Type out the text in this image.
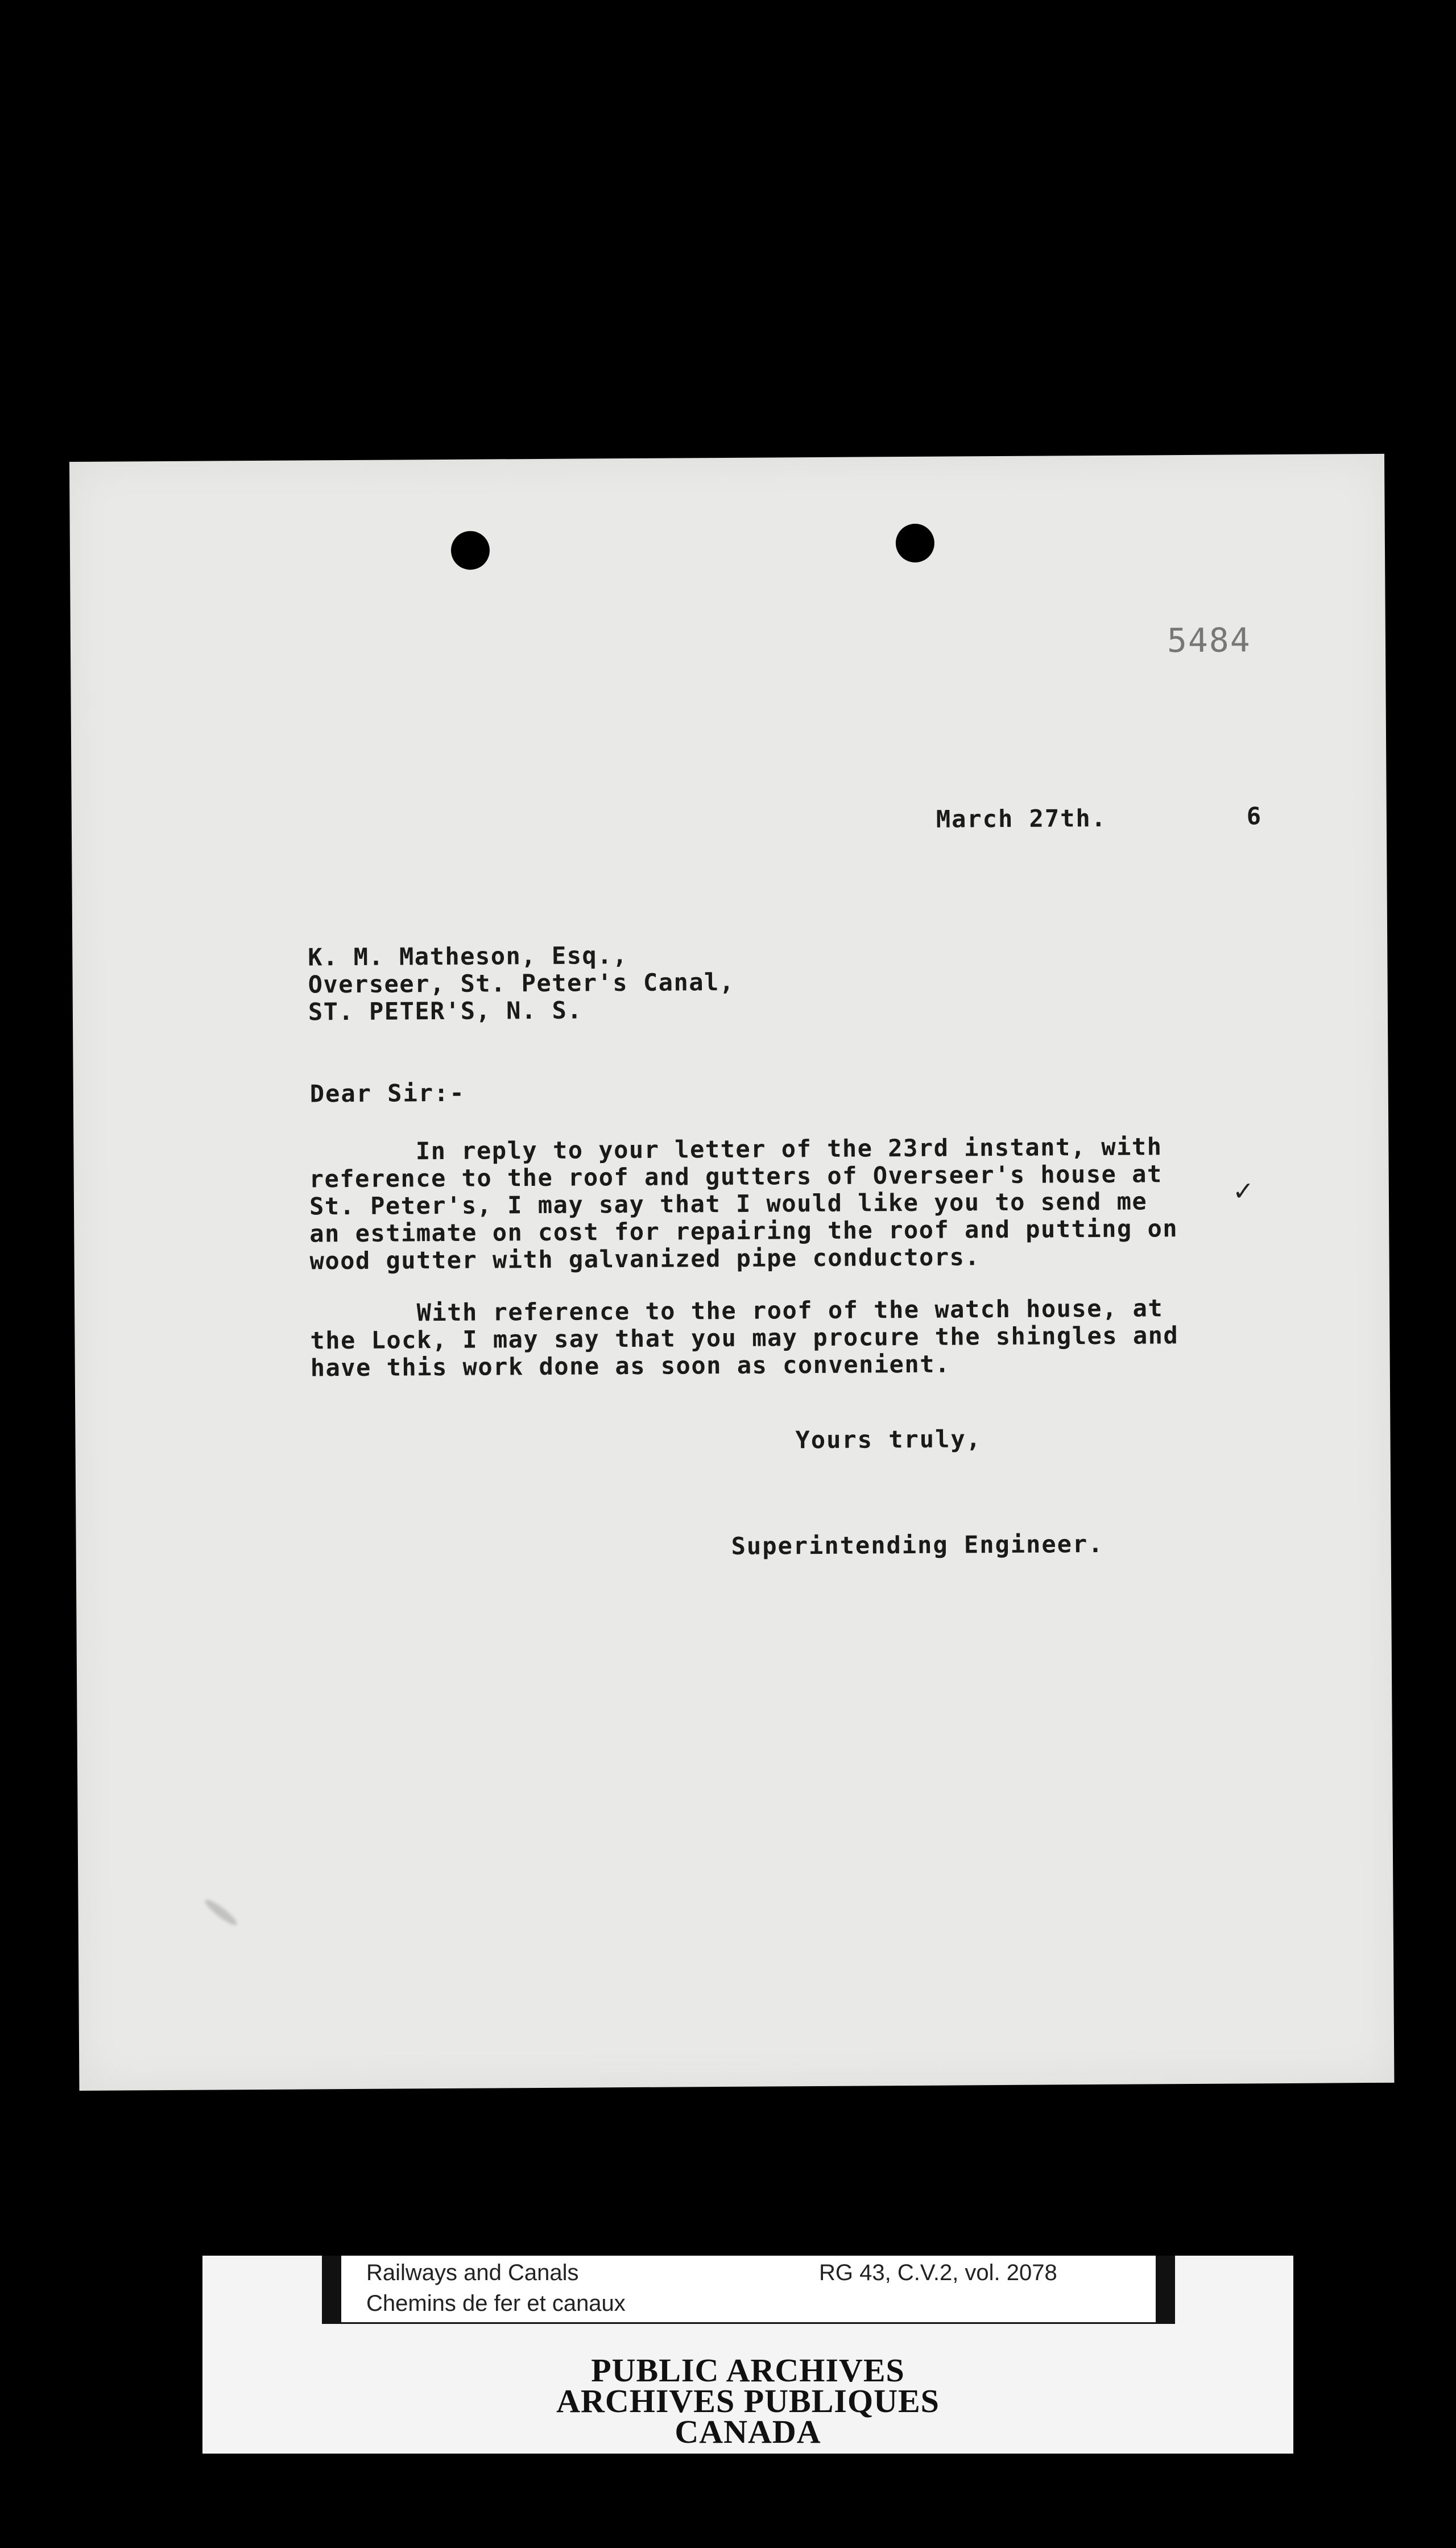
5484
March 27th.	6
K. M. Matheson, Esq.,
Overseer, St. Peter's Canal,
ST. PETER'S, N. S.
Dear Sir:-
In reply to your letter of the 23rd instant, with
reference to the roof and gutters of Overseer's house at
St. Peter's, I may say that I would like you to send me
an estimate on cost for repairing the roof and putting on
wood gutter with galvanized pipe conductors.
✓
With reference to the roof of the watch house, at
the Lock, I may say that you may procure the shingles and
have this work done as soon as convenient.
Yours truly,
Superintending Engineer.
Railways and Canals
Chemins de fer et canaux
RG 43, C.V.2, vol. 2078
PUBLIC ARCHIVES
ARCHIVES PUBLIQUES
CANADA
